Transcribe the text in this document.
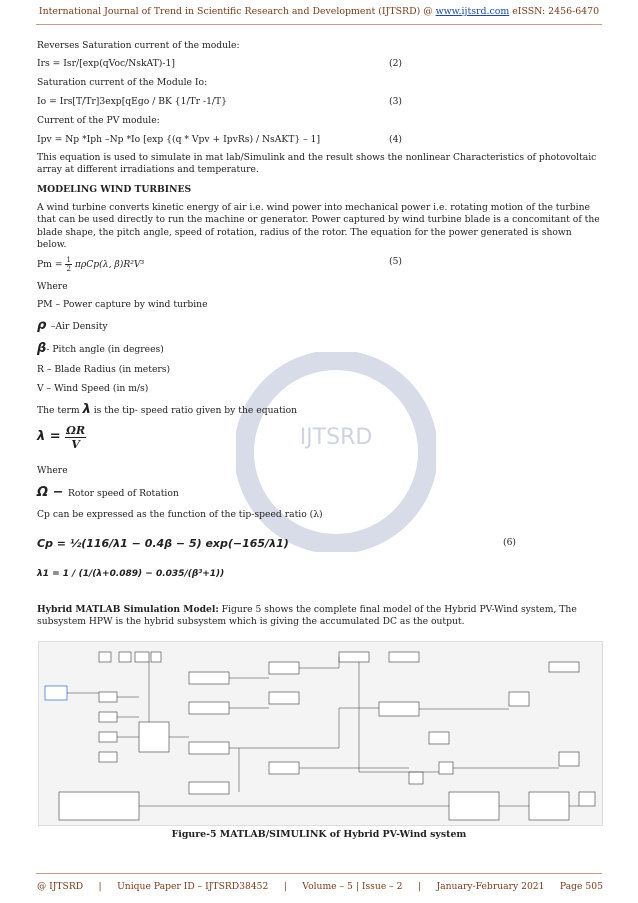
International Journal of Trend in Scientific Research and Development (IJTSRD) @ www.ijtsrd.com eISSN: 2456-6470
IJTSRD
Reverses Saturation current of the module:
Irs = Isr/[exp(qVoc/NskAT)-1]	(2)
Saturation current of the Module Io:
Io = Irs[T/Tr]3exp[qEgo / BK {1/Tr -1/T}	(3)
Current of the PV module:
Ipv = Np *Iph –Np *Io [exp {(q * Vpv + IpvRs) / NsAKT} – 1]	(4)
This equation is used to simulate in mat lab/Simulink and the result shows the nonlinear Characteristics of photovoltaic array at different irradiations and temperature.
MODELING WIND TURBINES
A wind turbine converts kinetic energy of air i.e. wind power into mechanical power i.e. rotating motion of the turbine that can be used directly to run the machine or generator. Power captured by wind turbine blade is a concomitant of the blade shape, the pitch angle, speed of rotation, radius of the rotor. The equation for the power generated is shown below.
$Pm = \frac{1}{2} \pi\rho Cp(\lambda$, β)R²V³	(5)
Where
PM – Power capture by wind turbine
ρ –Air Density
β- Pitch angle (in degrees)
R – Blade Radius (in meters)
V – Wind Speed (in m/s)
The term λ is the tip- speed ratio given by the equation
$\lambda = \frac{\Omega R}{V}$
Where
Ω − Rotor speed of Rotation
Cp can be expressed as the function of the tip-speed ratio (λ)
Cp = ½(116/λ1 − 0.4β − 5) exp(−165/λ1)	(6)
λ1 = 1 / (1/(λ+0.089) − 0.035/(β³+1))
Hybrid MATLAB Simulation Model: Figure 5 shows the complete final model of the Hybrid PV-Wind system, The subsystem HPW is the hybrid subsystem which is giving the accumulated DC as the output.
Figure-5 MATLAB/SIMULINK of Hybrid PV-Wind system
@ IJTSRD | Unique Paper ID – IJTSRD38452 | Volume – 5 | Issue – 2 | January-February 2021 Page 505
